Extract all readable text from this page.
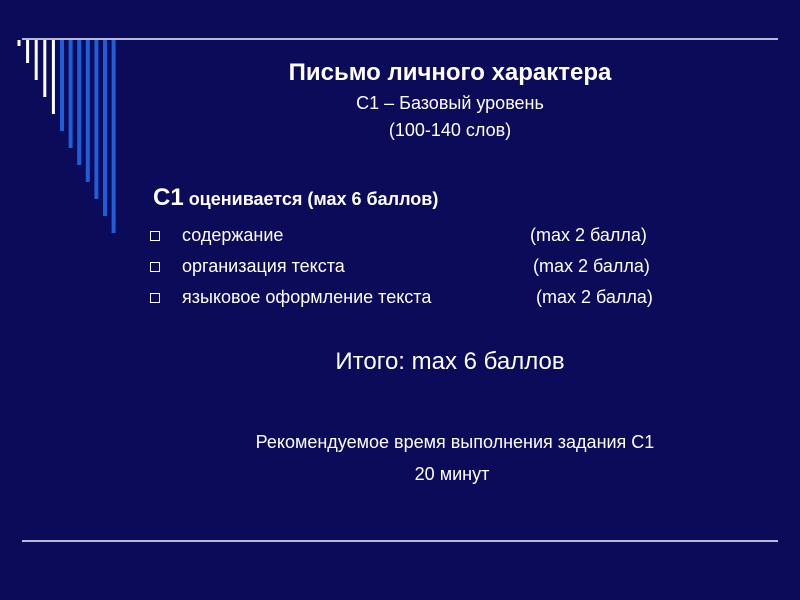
Письмо личного характера
С1 – Базовый уровень
(100-140 слов)
С1 оценивается (мах 6 баллов)
содержание	(max 2 балла)
организация текста	(max 2 балла)
языковое оформление текста	(max 2 балла)
Итого: max 6 баллов
Рекомендуемое время выполнения задания С1
20 минут
